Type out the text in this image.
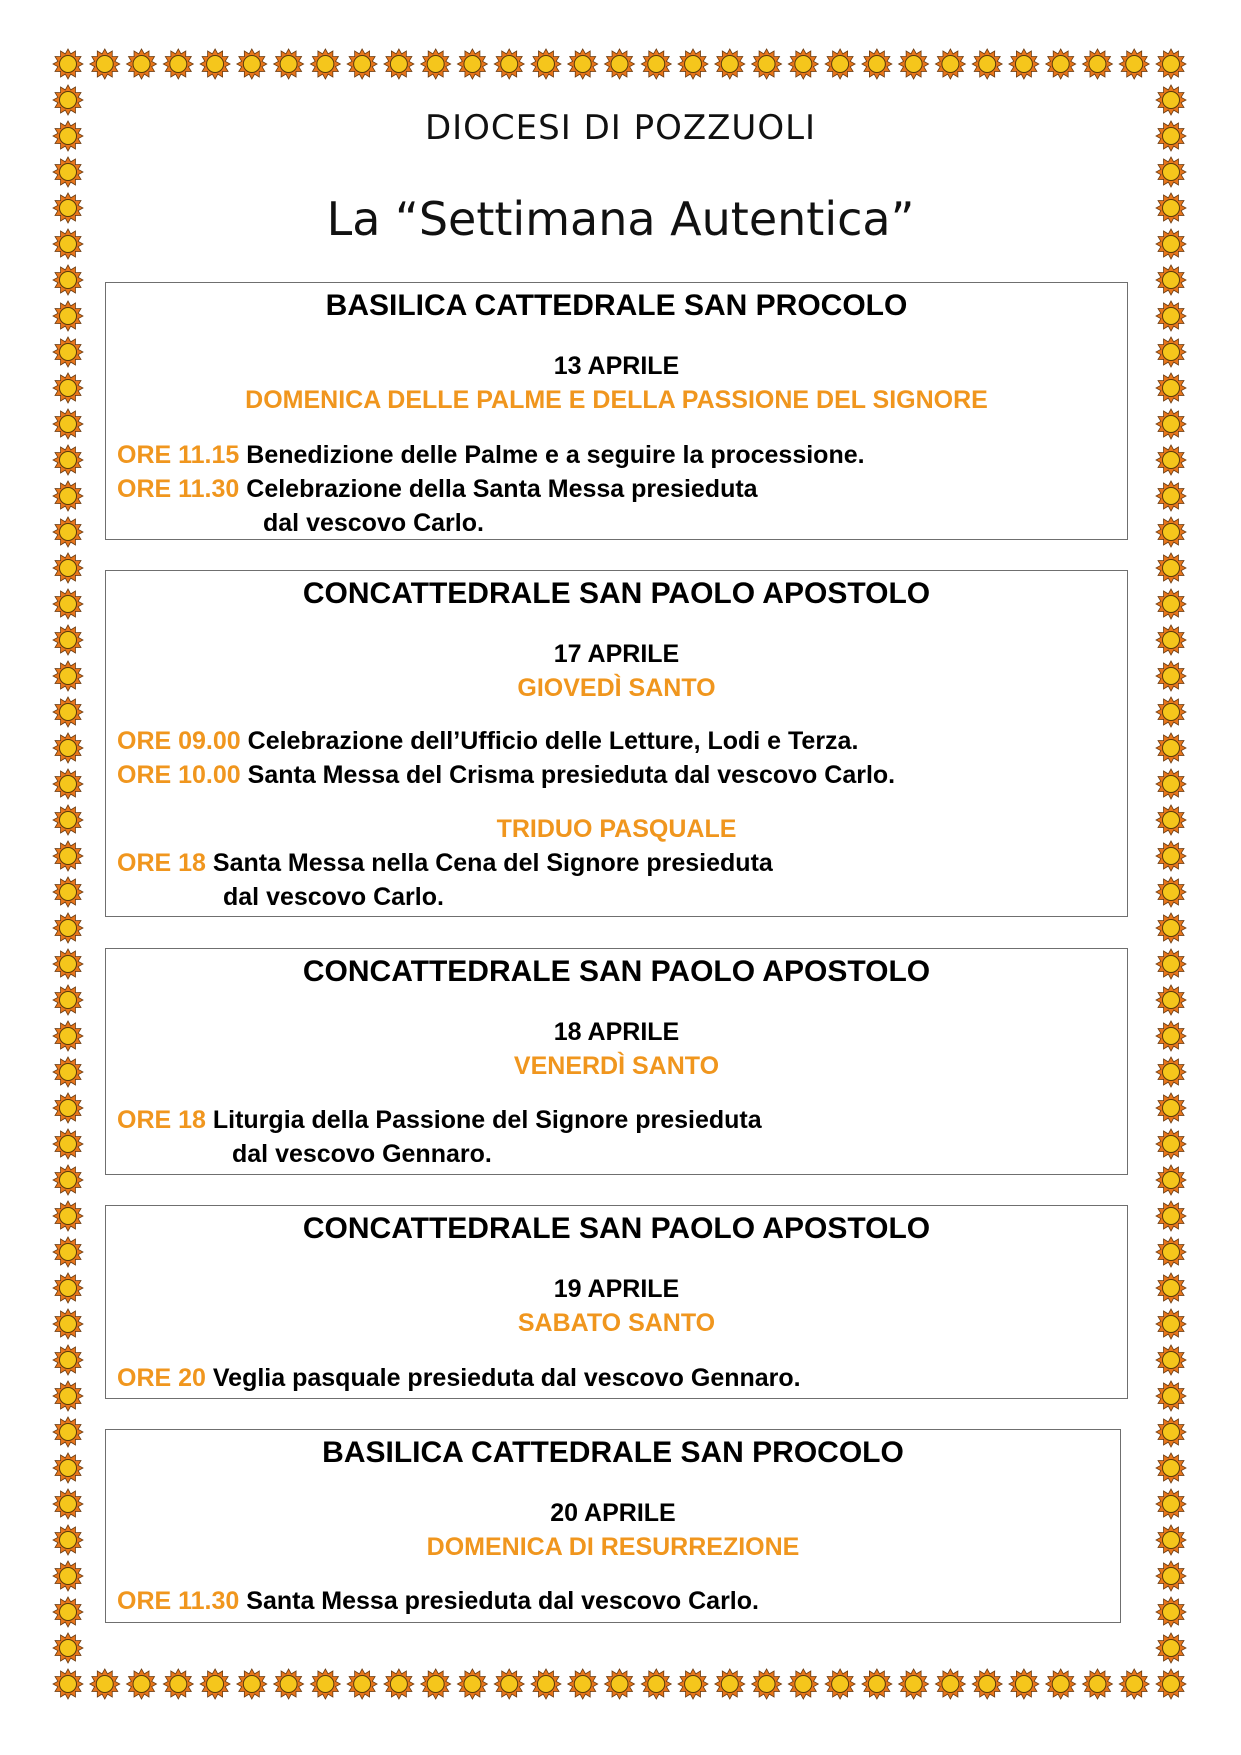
DIOCESI DI POZZUOLI
La “Settimana Autentica”
BASILICA CATTEDRALE SAN PROCOLO
13 APRILE
DOMENICA DELLE PALME E DELLA PASSIONE DEL SIGNORE
ORE 11.15 Benedizione delle Palme e a seguire la processione.
ORE 11.30 Celebrazione della Santa Messa presieduta
dal vescovo Carlo.
CONCATTEDRALE SAN PAOLO APOSTOLO
17 APRILE
GIOVEDÌ SANTO
ORE 09.00 Celebrazione dell’Ufficio delle Letture, Lodi e Terza.
ORE 10.00 Santa Messa del Crisma presieduta dal vescovo Carlo.
TRIDUO PASQUALE
ORE 18 Santa Messa nella Cena del Signore presieduta
dal vescovo Carlo.
CONCATTEDRALE SAN PAOLO APOSTOLO
18 APRILE
VENERDÌ SANTO
ORE 18 Liturgia della Passione del Signore presieduta
dal vescovo Gennaro.
CONCATTEDRALE SAN PAOLO APOSTOLO
19 APRILE
SABATO SANTO
ORE 20 Veglia pasquale presieduta dal vescovo Gennaro.
BASILICA CATTEDRALE SAN PROCOLO
20 APRILE
DOMENICA DI RESURREZIONE
ORE 11.30 Santa Messa presieduta dal vescovo Carlo.
